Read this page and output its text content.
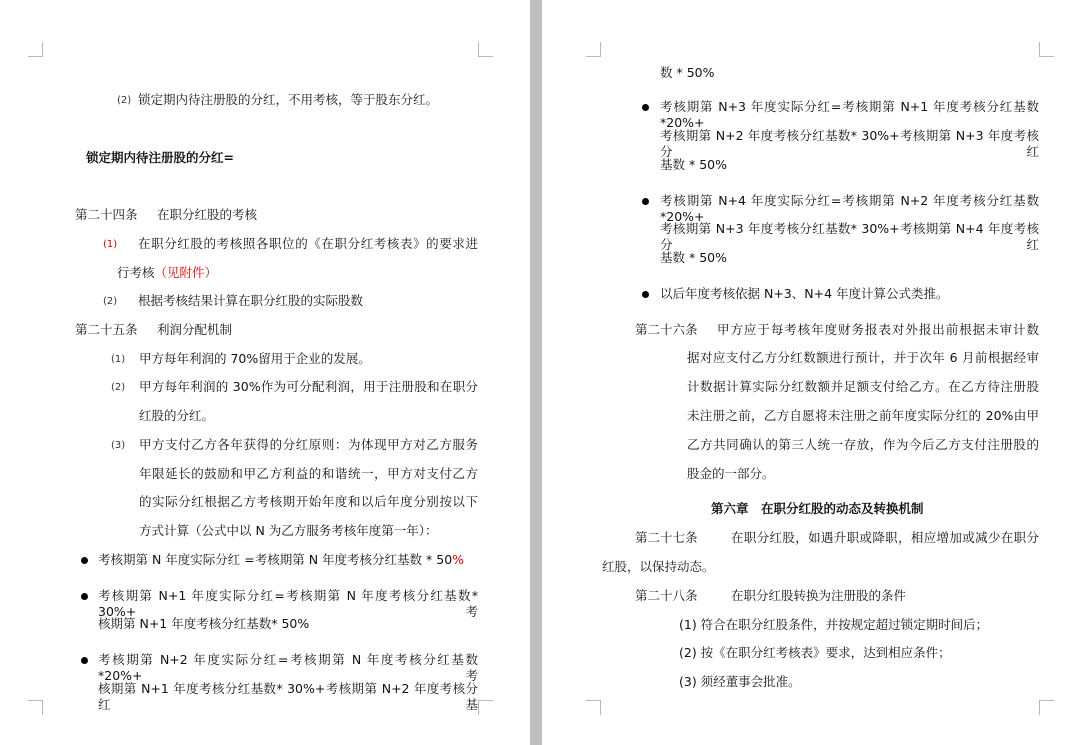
(2) 锁定期内待注册股的分红，不用考核，等于股东分红。
锁定期内待注册股的分红=
第二十四条 在职分红股的考核
(1) 在职分红股的考核照各职位的《在职分红考核表》的要求进
行考核（见附件）
(2) 根据考核结果计算在职分红股的实际股数
第二十五条 利润分配机制
(1) 甲方每年利润的 70%留用于企业的发展。
(2) 甲方每年利润的 30%作为可分配利润，用于注册股和在职分
红股的分红。
(3) 甲方支付乙方各年获得的分红原则：为体现甲方对乙方服务
年限延长的鼓励和甲乙方利益的和谐统一，甲方对支付乙方
的实际分红根据乙方考核期开始年度和以后年度分别按以下
方式计算（公式中以 N 为乙方服务考核年度第一年）：
考核期第 N 年度实际分红 =考核期第 N 年度考核分红基数 * 50%
考核期第 N+1 年度实际分红=考核期第 N 年度考核分红基数* 30%+考
核期第 N+1 年度考核分红基数* 50%
考核期第 N+2 年度实际分红=考核期第 N 年度考核分红基数*20%+考
核期第 N+1 年度考核分红基数* 30%+考核期第 N+2 年度考核分红基
数 * 50%
考核期第 N+3 年度实际分红=考核期第 N+1 年度考核分红基数*20%+
考核期第 N+2 年度考核分红基数* 30%+考核期第 N+3 年度考核分红
基数 * 50%
考核期第 N+4 年度实际分红=考核期第 N+2 年度考核分红基数*20%+
考核期第 N+3 年度考核分红基数* 30%+考核期第 N+4 年度考核分红
基数 * 50%
以后年度考核依据 N+3、N+4 年度计算公式类推。
第二十六条 甲方应于每考核年度财务报表对外报出前根据未审计数
据对应支付乙方分红数额进行预计，并于次年 6 月前根据经审
计数据计算实际分红数额并足额支付给乙方。在乙方待注册股
未注册之前，乙方自愿将未注册之前年度实际分红的 20%由甲
乙方共同确认的第三人统一存放，作为今后乙方支付注册股的
股金的一部分。
第六章　在职分红股的动态及转换机制
第二十七条	在职分红股，如遇升职或降职，相应增加或减少在职分
红股，以保持动态。
第二十八条	在职分红股转换为注册股的条件
(1) 符合在职分红股条件，并按规定超过锁定期时间后；
(2) 按《在职分红考核表》要求，达到相应条件；
(3) 须经董事会批准。
